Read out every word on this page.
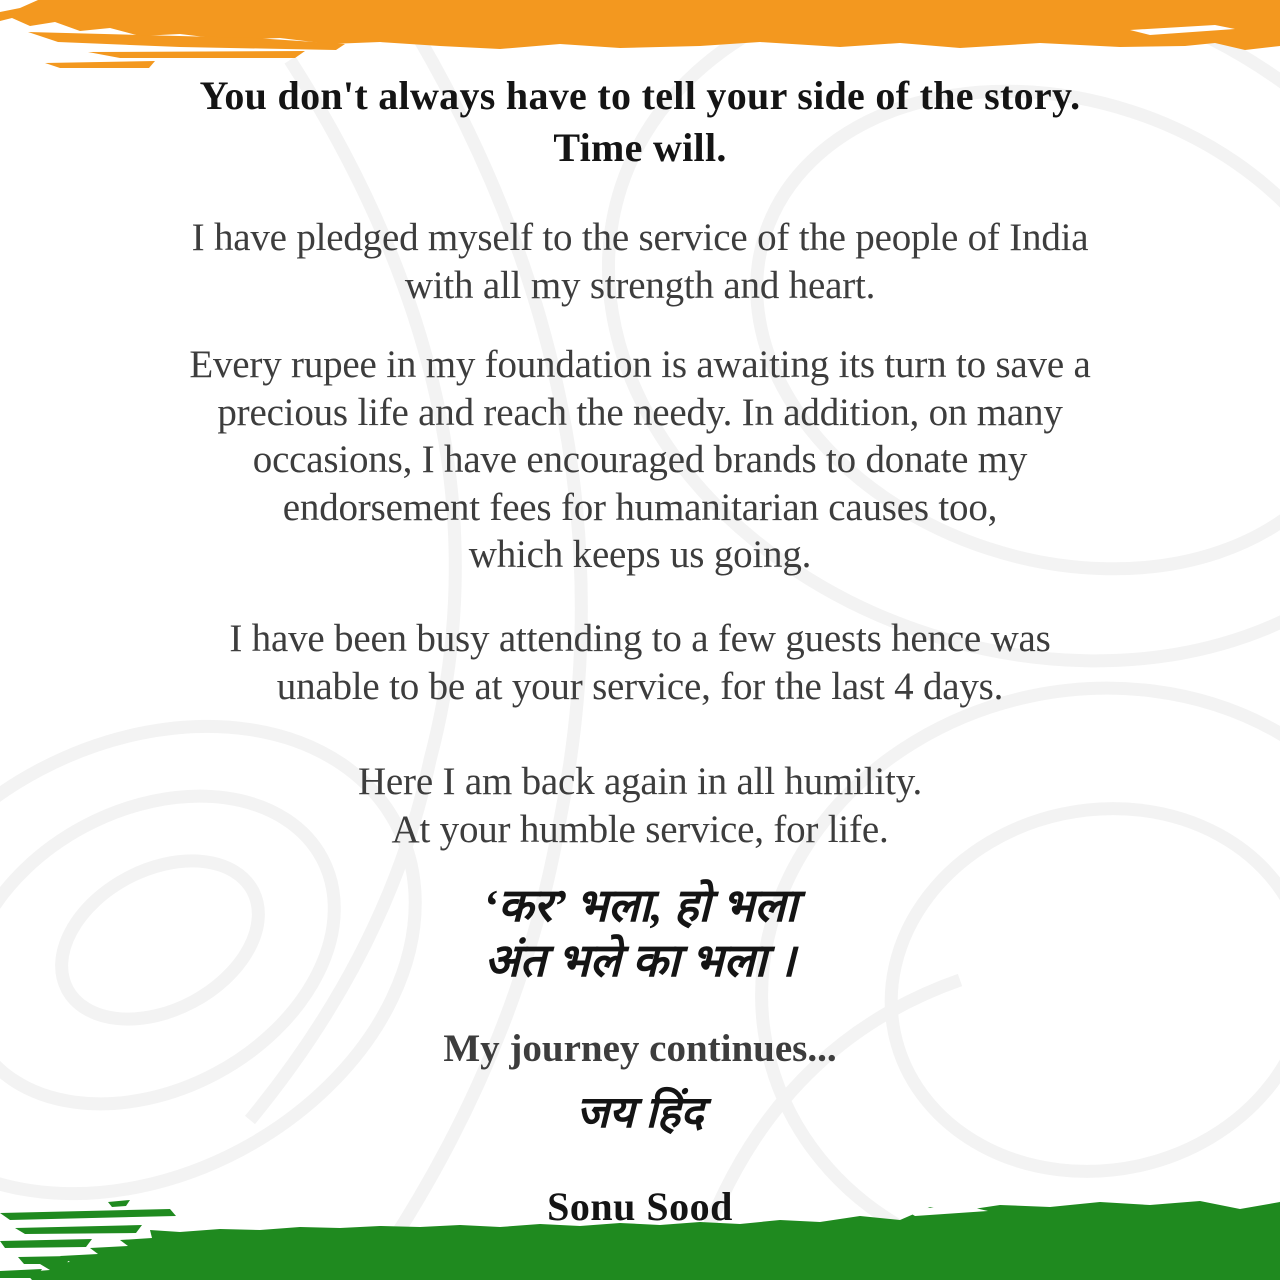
You don't always have to tell your side of the story.
Time will.

I have pledged myself to the service of the people of India
with all my strength and heart.

Every rupee in my foundation is awaiting its turn to save a
precious life and reach the needy. In addition, on many
occasions, I have encouraged brands to donate my
endorsement fees for humanitarian causes too,
which keeps us going.

I have been busy attending to a few guests hence was
unable to be at your service, for the last 4 days.

Here I am back again in all humility.
At your humble service, for life.

‘कर’ भला, हो भला
अंत भले का भला ।

My journey continues...

जय हिंद

Sonu Sood
